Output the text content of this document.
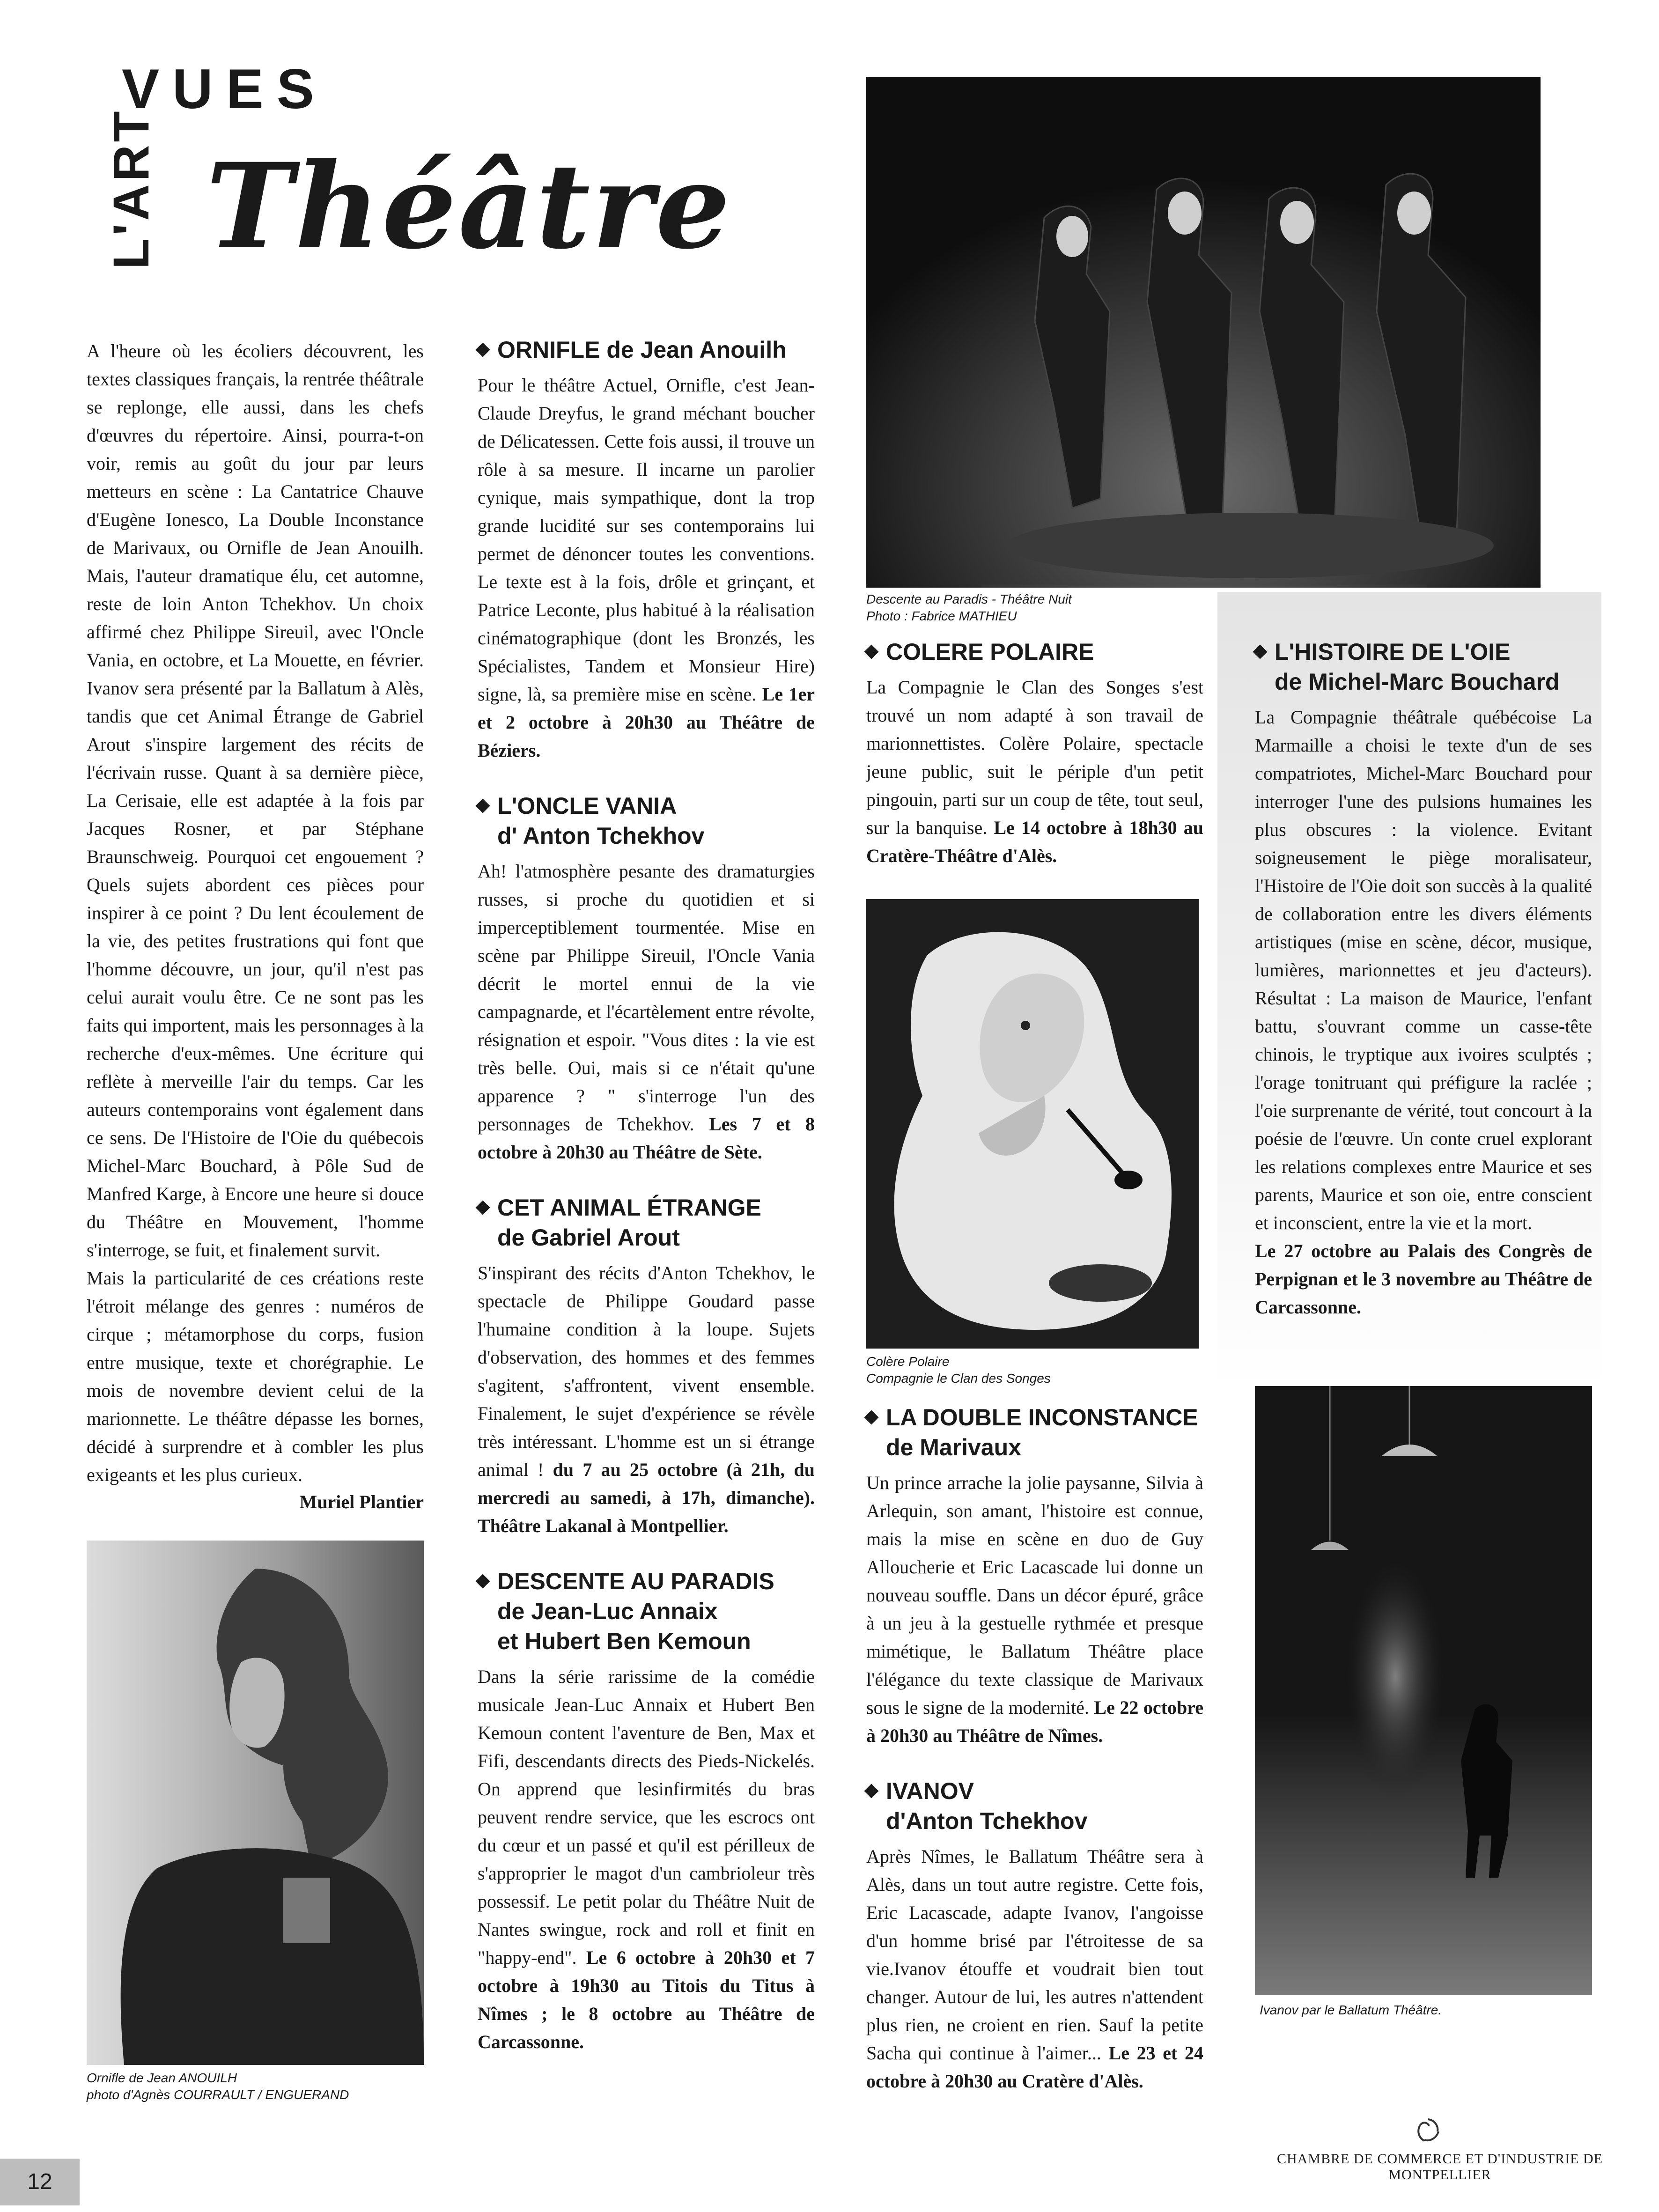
L'ART
VUES
Théâtre

A l'heure où les écoliers découvrent, les textes classiques français, la rentrée théâtrale se replonge, elle aussi, dans les chefs d'œuvres du répertoire. Ainsi, pourra-t-on voir, remis au goût du jour par leurs metteurs en scène : La Cantatrice Chauve d'Eugène Ionesco, La Double Inconstance de Marivaux, ou Ornifle de Jean Anouilh. Mais, l'auteur dramatique élu, cet automne, reste de loin Anton Tchekhov. Un choix affirmé chez Philippe Sireuil, avec l'Oncle Vania, en octobre, et La Mouette, en février. Ivanov sera présenté par la Ballatum à Alès, tandis que cet Animal Étrange de Gabriel Arout s'inspire largement des récits de l'écrivain russe. Quant à sa dernière pièce, La Cerisaie, elle est adaptée à la fois par Jacques Rosner, et par Stéphane Braunschweig. Pourquoi cet engouement ? Quels sujets abordent ces pièces pour inspirer à ce point ? Du lent écoulement de la vie, des petites frustrations qui font que l'homme découvre, un jour, qu'il n'est pas celui aurait voulu être. Ce ne sont pas les faits qui importent, mais les personnages à la recherche d'eux-mêmes. Une écriture qui reflète à merveille l'air du temps. Car les auteurs contemporains vont également dans ce sens. De l'Histoire de l'Oie du québecois Michel-Marc Bouchard, à Pôle Sud de Manfred Karge, à Encore une heure si douce du Théâtre en Mouvement, l'homme s'interroge, se fuit, et finalement survit.

Mais la particularité de ces créations reste l'étroit mélange des genres : numéros de cirque ; métamorphose du corps, fusion entre musique, texte et chorégraphie. Le mois de novembre devient celui de la marionnette. Le théâtre dépasse les bornes, décidé à surprendre et à combler les plus exigeants et les plus curieux.

Muriel Plantier

Ornifle de Jean ANOUILH

photo d'Agnès COURRAULT / ENGUERAND

ORNIFLE de Jean Anouilh

Pour le théâtre Actuel, Ornifle, c'est Jean-Claude Dreyfus, le grand méchant boucher de Délicatessen. Cette fois aussi, il trouve un rôle à sa mesure. Il incarne un parolier cynique, mais sympathique, dont la trop grande lucidité sur ses contemporains lui permet de dénoncer toutes les conventions. Le texte est à la fois, drôle et grinçant, et Patrice Leconte, plus habitué à la réalisation cinématographique (dont les Bronzés, les Spécialistes, Tandem et Monsieur Hire) signe, là, sa première mise en scène. Le 1er et 2 octobre à 20h30 au Théâtre de Béziers.

L'ONCLE VANIA

d' Anton Tchekhov

Ah! l'atmosphère pesante des dramaturgies russes, si proche du quotidien et si imperceptiblement tourmentée. Mise en scène par Philippe Sireuil, l'Oncle Vania décrit le mortel ennui de la vie campagnarde, et l'écartèlement entre révolte, résignation et espoir. "Vous dites : la vie est très belle. Oui, mais si ce n'était qu'une apparence ? " s'interroge l'un des personnages de Tchekhov. Les 7 et 8 octobre à 20h30 au Théâtre de Sète.

CET ANIMAL ÉTRANGE

de Gabriel Arout

S'inspirant des récits d'Anton Tchekhov, le spectacle de Philippe Goudard passe l'humaine condition à la loupe. Sujets d'observation, des hommes et des femmes s'agitent, s'affrontent, vivent ensemble. Finalement, le sujet d'expérience se révèle très intéressant. L'homme est un si étrange animal ! du 7 au 25 octobre (à 21h, du mercredi au samedi, à 17h, dimanche). Théâtre Lakanal à Montpellier.

DESCENTE AU PARADIS

de Jean-Luc Annaix

et Hubert Ben Kemoun

Dans la série rarissime de la comédie musicale Jean-Luc Annaix et Hubert Ben Kemoun content l'aventure de Ben, Max et Fifi, descendants directs des Pieds-Nickelés. On apprend que lesinfirmités du bras peuvent rendre service, que les escrocs ont du cœur et un passé et qu'il est périlleux de s'approprier le magot d'un cambrioleur très possessif. Le petit polar du Théâtre Nuit de Nantes swingue, rock and roll et finit en "happy-end". Le 6 octobre à 20h30 et 7 octobre à 19h30 au Titois du Titus à Nîmes ; le 8 octobre au Théâtre de Carcassonne.

Descente au Paradis - Théâtre Nuit

Photo : Fabrice MATHIEU

COLERE POLAIRE

La Compagnie le Clan des Songes s'est trouvé un nom adapté à son travail de marionnettistes. Colère Polaire, spectacle jeune public, suit le périple d'un petit pingouin, parti sur un coup de tête, tout seul, sur la banquise. Le 14 octobre à 18h30 au Cratère-Théâtre d'Alès.

Colère Polaire

Compagnie le Clan des Songes

LA DOUBLE INCONSTANCE

de Marivaux

Un prince arrache la jolie paysanne, Silvia à Arlequin, son amant, l'histoire est connue, mais la mise en scène en duo de Guy Alloucherie et Eric Lacascade lui donne un nouveau souffle. Dans un décor épuré, grâce à un jeu à la gestuelle rythmée et presque mimétique, le Ballatum Théâtre place l'élégance du texte classique de Marivaux sous le signe de la modernité. Le 22 octobre à 20h30 au Théâtre de Nîmes.

IVANOV

d'Anton Tchekhov

Après Nîmes, le Ballatum Théâtre sera à Alès, dans un tout autre registre. Cette fois, Eric Lacascade, adapte Ivanov, l'angoisse d'un homme brisé par l'étroitesse de sa vie.Ivanov étouffe et voudrait bien tout changer. Autour de lui, les autres n'attendent plus rien, ne croient en rien. Sauf la petite Sacha qui continue à l'aimer... Le 23 et 24 octobre à 20h30 au Cratère d'Alès.

L'HISTOIRE DE L'OIE

de Michel-Marc Bouchard

La Compagnie théâtrale québécoise La Marmaille a choisi le texte d'un de ses compatriotes, Michel-Marc Bouchard pour interroger l'une des pulsions humaines les plus obscures : la violence. Evitant soigneusement le piège moralisateur, l'Histoire de l'Oie doit son succès à la qualité de collaboration entre les divers éléments artistiques (mise en scène, décor, musique, lumières, marionnettes et jeu d'acteurs). Résultat : La maison de Maurice, l'enfant battu, s'ouvrant comme un casse-tête chinois, le tryptique aux ivoires sculptés ; l'orage tonitruant qui préfigure la raclée ; l'oie surprenante de vérité, tout concourt à la poésie de l'œuvre. Un conte cruel explorant les relations complexes entre Maurice et ses parents, Maurice et son oie, entre conscient et inconscient, entre la vie et la mort.

Le 27 octobre au Palais des Congrès de Perpignan et le 3 novembre au Théâtre de Carcassonne.

Ivanov par le Ballatum Théâtre.

12
CHAMBRE DE COMMERCE ET D'INDUSTRIE DE MONTPELLIER
